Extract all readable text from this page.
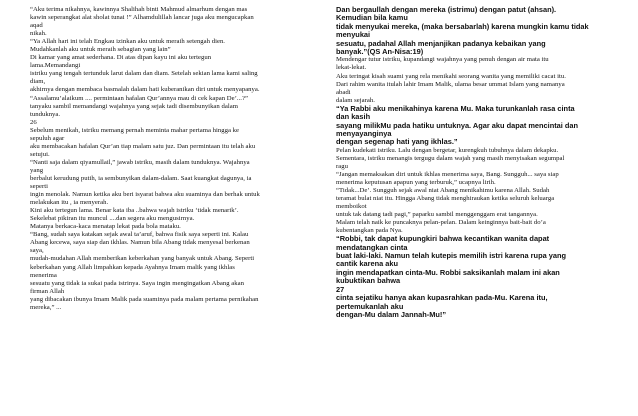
“Aku terima nikahnya, kawinnya Shalihah binti Mahmud almarhum dengan mas
kawin seperangkat alat sholat tunai !” Alhamdulillah lancar juga aku mengucapkan
aqad
nikah.
“Ya Allah hari ini telah Engkau izinkan aku untuk meraih setengah dien.
Mudahkanlah aku untuk meraih sebagian yang lain”
Di kamar yang amat sederhana. Di atas dipan kayu ini aku tertegun
lama.Memandangi
istriku yang tengah tertunduk larut dalam dan diam. Setelah sekian lama kami saling
diam,
akhirnya dengan membaca basmalah dalam hati kuberanikan diri untuk menyapanya.
“Assalamu’alaikum .... permintaan hafalan Qur’annya mau di cek kapan De’...?”
tanyaku sambil memandangi wajahnya yang sejak tadi disembunyikan dalam
tunduknya.
26
Sebelum menikah, istriku memang pernah meminta mahar pertama hingga ke
sepuluh agar
aku membacakan hafalan Qur’an tiap malam satu juz. Dan permintaan itu telah aku
setujui.
“Nanti saja dalam qiyamullail,” jawab istriku, masih dalam tunduknya. Wajahnya
yang
berbalut kerudung putih, ia sembunyikan dalam-dalam. Saat kuangkat dagunya, ia
seperti
ingin menolak. Namun ketika aku beri isyarat bahwa aku suaminya dan berhak untuk
melakukan itu , ia menyerah.
Kini aku tertegun lama. Benar kata iba ..bahwa wajah istriku ‘tidak menarik’.
Sekelebat pikiran itu muncul ....dan segera aku mengusirnya.
Matanya berkaca-kaca menatap lekat pada bola mataku.
“Bang, sudah saya katakan sejak awal ta’aruf, bahwa fisik saya seperti ini. Kalau
Abang kecewa, saya siap dan ikhlas. Namun bila Abang tidak menyesal berkenan
saya,
mudah-mudahan Allah memberikan keberkahan yang banyak untuk Abang. Seperti
keberkahan yang Allah limpahkan kepada Ayahnya Imam malik yang ikhlas
menerima
sesuatu yang tidak ia sukai pada istrinya. Saya ingin mengingatkan Abang akan
firman Allah
yang dibacakan ibunya Imam Malik pada suaminya pada malam pertama pernikahan
mereka,” ...
Dan bergaullah dengan mereka (istrimu) dengan patut (ahsan).
Kemudian bila kamu
tidak menyukai mereka, (maka bersabarlah) karena mungkin kamu tidak
menyukai
sesuatu, padahal Allah menjanjikan padanya kebaikan yang
banyak.”(QS An-Nisa:19)
Mendengar tutur istriku, kupandangi wajahnya yang penuh dengan air mata itu
lekat-lekat.
Aku teringat kisah suami yang rela menikahi seorang wanita yang memiliki cacat itu.
Dari rahim wanita itulah lahir Imam Malik, ulama besar ummat Islam yang namanya
abadi
dalam sejarah.
“Ya Rabbi aku menikahinya karena Mu. Maka turunkanlah rasa cinta
dan kasih
sayang milikMu pada hatiku untuknya. Agar aku dapat mencintai dan
menyayanginya
dengan segenap hati yang ikhlas.”
Pelan kudekati istriku. Lalu dengan bergetar, kurengkuh tubuhnya dalam dekapku.
Sementara, istriku menangis tergugu dalam wajah yang masih menyisakan segumpal
ragu
“Jangan memaksakan diri untuk ikhlas menerima saya, Bang. Sungguh... saya siap
menerima keputusan apapun yang terburuk,” ucapnya lirih.
“Tidak...De’. Sungguh sejak awal niat Abang menikahimu karena Allah. Sudah
teramat bulat niat itu. Hingga Abang tidak menghiraukan ketika seluruh keluarga
memboikot
untuk tak datang tadi pagi,” paparku sambil menggenggam erat tangannya.
Malam telah naik ke puncaknya pelan-pelan. Dalam keinginnya bait-bait do’a
kubentangkan pada Nya.
“Robbi, tak dapat kupungkiri bahwa kecantikan wanita dapat
mendatangkan cinta
buat laki-laki. Namun telah kutepis memilih istri karena rupa yang
cantik karena aku
ingin mendapatkan cinta-Mu. Robbi saksikanlah malam ini akan
kubuktikan bahwa
27
cinta sejatiku hanya akan kupasrahkan pada-Mu. Karena itu,
pertemukanlah aku
dengan-Mu dalam Jannah-Mu!”
